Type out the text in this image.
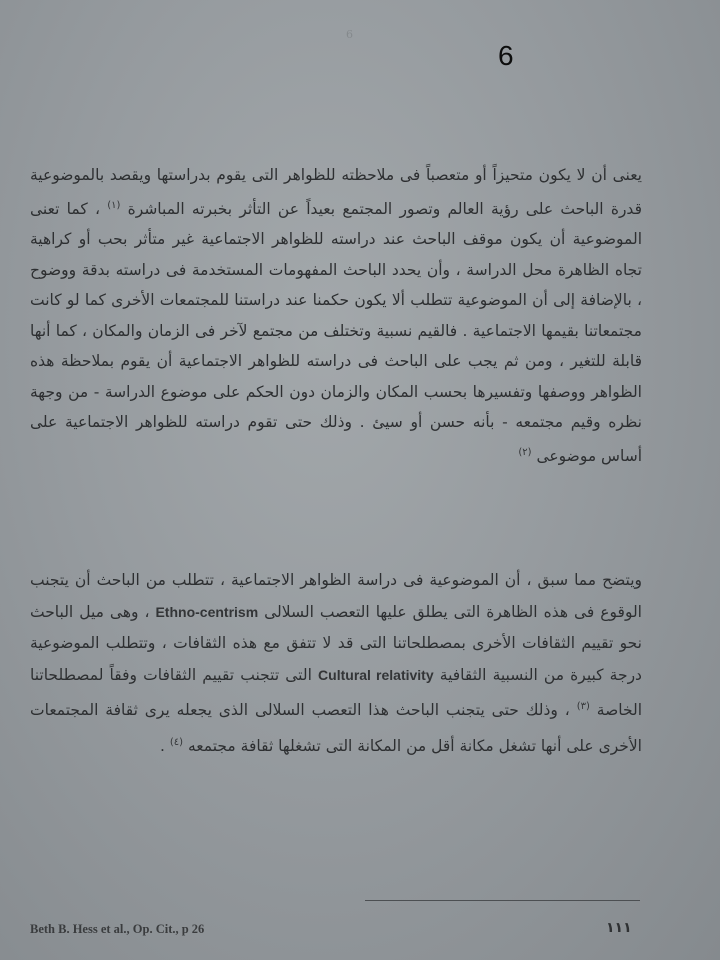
6
6

يعنى أن لا يكون متحيزاً أو متعصباً فى ملاحظته للظواهر التى يقوم بدراستها ويقصد بالموضوعية قدرة الباحث على رؤية العالم وتصور المجتمع بعيداً عن التأثر بخبرته المباشرة $^{(١)}$ ، كما تعنى الموضوعية أن يكون موقف الباحث عند دراسته للظواهر الاجتماعية غير متأثر بحب أو كراهية تجاه الظاهرة محل الدراسة ، وأن يحدد الباحث المفهومات المستخدمة فى دراسته بدقة ووضوح ، بالإضافة إلى أن الموضوعية تتطلب ألا يكون حكمنا عند دراستنا للمجتمعات الأخرى كما لو كانت مجتمعاتنا بقيمها الاجتماعية . فالقيم نسبية وتختلف من مجتمع لآخر فى الزمان والمكان ، كما أنها قابلة للتغير ، ومن ثم يجب على الباحث فى دراسته للظواهر الاجتماعية أن يقوم بملاحظة هذه الظواهر ووصفها وتفسيرها بحسب المكان والزمان دون الحكم على موضوع الدراسة - من وجهة نظره وقيم مجتمعه - بأنه حسن أو سيئ . وذلك حتى تقوم دراسته للظواهر الاجتماعية على أساس موضوعى $^{(٢)}$

ويتضح مما سبق ، أن الموضوعية فى دراسة الظواهر الاجتماعية ، تتطلب من الباحث أن يتجنب الوقوع فى هذه الظاهرة التى يطلق عليها التعصب السلالى Ethno-centrism ، وهى ميل الباحث نحو تقييم الثقافات الأخرى بمصطلحاتنا التى قد لا تتفق مع هذه الثقافات ، وتتطلب الموضوعية درجة كبيرة من النسبية الثقافية Cultural relativity التى تتجنب تقييم الثقافات وفقاً لمصطلحاتنا الخاصة $^{(٣)}$ ، وذلك حتى يتجنب الباحث هذا التعصب السلالى الذى يجعله يرى ثقافة المجتمعات الأخرى على أنها تشغل مكانة أقل من المكانة التى تشغلها ثقافة مجتمعه $^{(٤)}$ .

Beth B. Hess et al., Op. Cit., p 26	١١١
